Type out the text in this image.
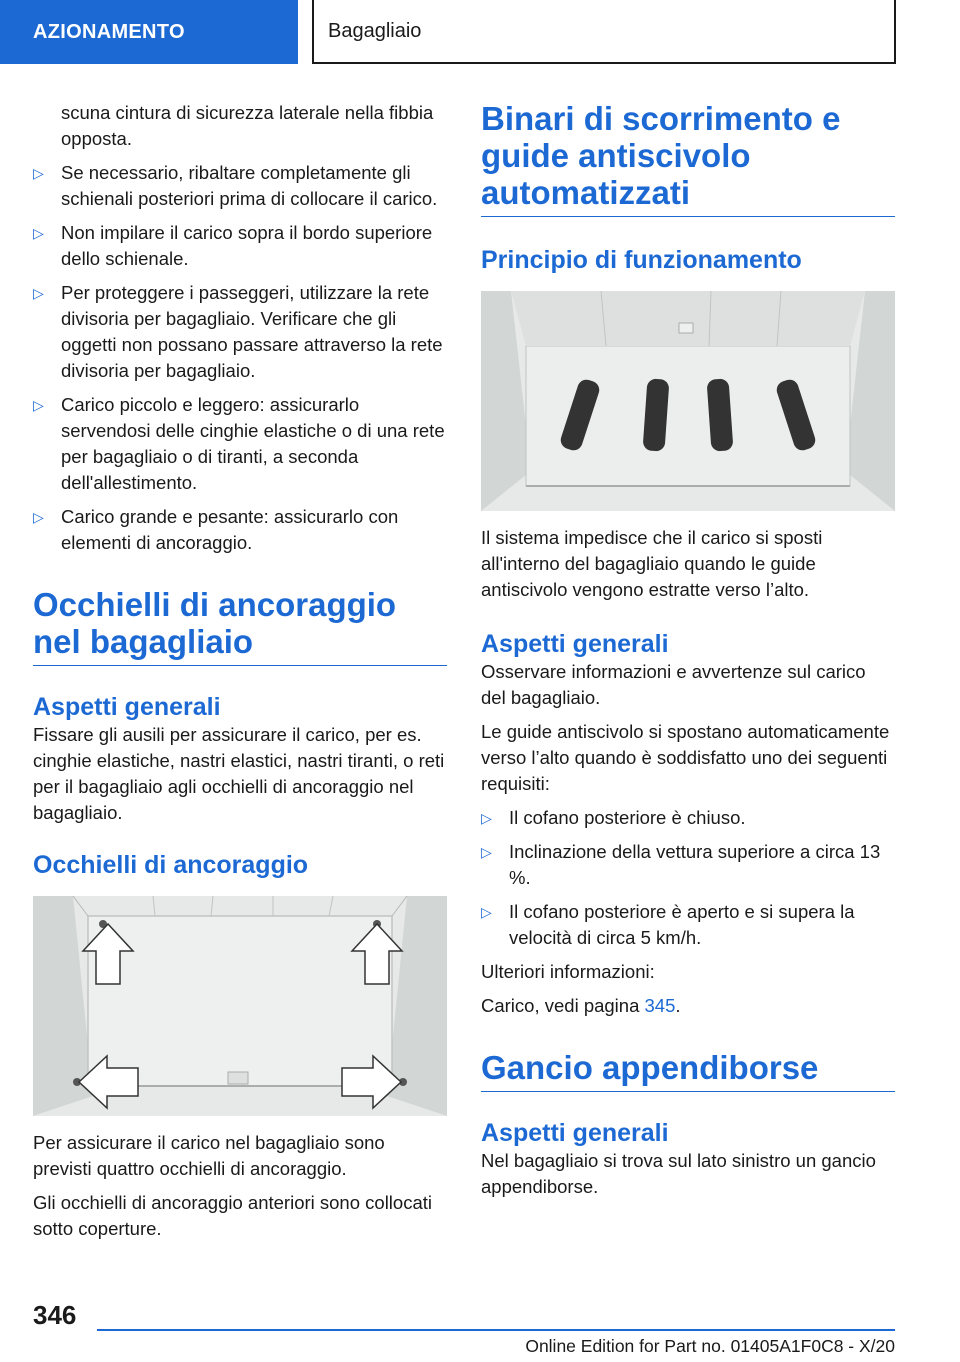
AZIONAMENTO	Bagagliaio
scuna cintura di sicurezza laterale nella fibbia opposta.
▷ Se necessario, ribaltare completamente gli schienali posteriori prima di collocare il carico.
▷ Non impilare il carico sopra il bordo superiore dello schienale.
▷ Per proteggere i passeggeri, utilizzare la rete divisoria per bagagliaio. Verificare che gli oggetti non possano passare attraverso la rete divisoria per bagagliaio.
▷ Carico piccolo e leggero: assicurarlo servendosi delle cinghie elastiche o di una rete per bagagliaio o di tiranti, a seconda dell'allestimento.
▷ Carico grande e pesante: assicurarlo con elementi di ancoraggio.
Occhielli di ancoraggio nel bagagliaio
Aspetti generali

Fissare gli ausili per assicurare il carico, per es. cinghie elastiche, nastri elastici, nastri tiranti, o reti per il bagagliaio agli occhielli di ancoraggio nel bagagliaio.

Occhielli di ancoraggio

Per assicurare il carico nel bagagliaio sono previsti quattro occhielli di ancoraggio.

Gli occhielli di ancoraggio anteriori sono collocati sotto coperture.

Binari di scorrimento e guide antiscivolo automatizzati
Principio di funzionamento

Il sistema impedisce che il carico si sposti all'interno del bagagliaio quando le guide antiscivolo vengono estratte verso l’alto.

Aspetti generali

Osservare informazioni e avvertenze sul carico del bagagliaio.

Le guide antiscivolo si spostano automaticamente verso l’alto quando è soddisfatto uno dei seguenti requisiti:

▷ Il cofano posteriore è chiuso.
▷ Inclinazione della vettura superiore a circa 13 %.
▷ Il cofano posteriore è aperto e si supera la velocità di circa 5 km/h.

Ulteriori informazioni:

Carico, vedi pagina 345.

Gancio appendiborse
Aspetti generali

Nel bagagliaio si trova sul lato sinistro un gancio appendiborse.

346
Online Edition for Part no. 01405A1F0C8 - X/20
